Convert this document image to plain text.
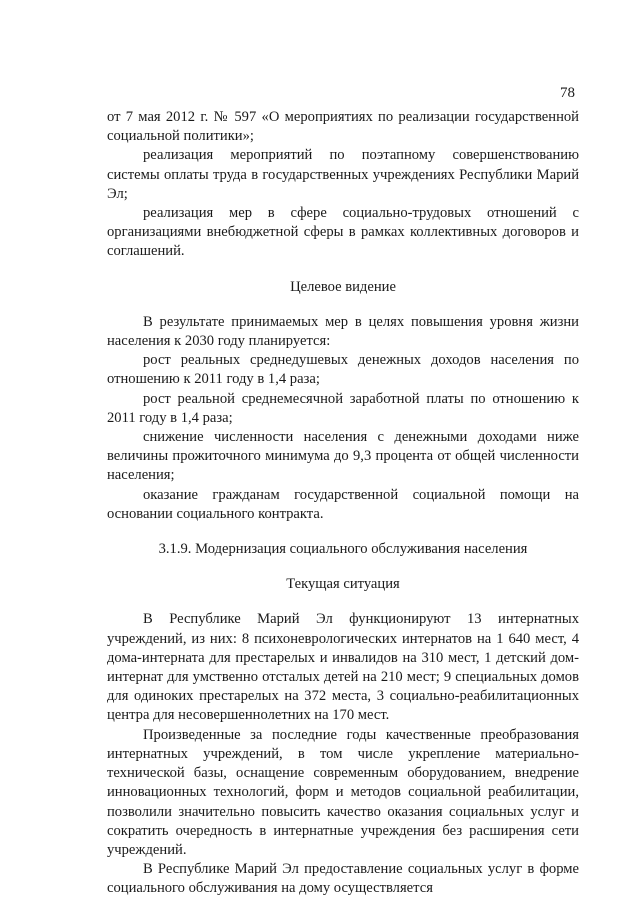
78

от 7 мая 2012 г. № 597 «О мероприятиях по реализации государственной социальной политики»;

реализация мероприятий по поэтапному совершенствованию системы оплаты труда в государственных учреждениях Республики Марий Эл;

реализация мер в сфере социально-трудовых отношений с организациями внебюджетной сферы в рамках коллективных договоров и соглашений.

Целевое видение

В результате принимаемых мер в целях повышения уровня жизни населения к 2030 году планируется:

рост реальных среднедушевых денежных доходов населения по отношению к 2011 году в 1,4 раза;

рост реальной среднемесячной заработной платы по отношению к 2011 году в 1,4 раза;

снижение численности населения с денежными доходами ниже величины прожиточного минимума до 9,3 процента от общей численности населения;

оказание гражданам государственной социальной помощи на основании социального контракта.

3.1.9. Модернизация социального обслуживания населения

Текущая ситуация

В Республике Марий Эл функционируют 13 интернатных учреждений, из них: 8 психоневрологических интернатов на 1 640 мест, 4 дома-интерната для престарелых и инвалидов на 310 мест, 1 детский дом-интернат для умственно отсталых детей на 210 мест; 9 специальных домов для одиноких престарелых на 372 места, 3 социально-реабилитационных центра для несовершеннолетних на 170 мест.

Произведенные за последние годы качественные преобразования интернатных учреждений, в том числе укрепление материально-технической базы, оснащение современным оборудованием, внедрение инновационных технологий, форм и методов социальной реабилитации, позволили значительно повысить качество оказания социальных услуг и сократить очередность в интернатные учреждения без расширения сети учреждений.

В Республике Марий Эл предоставление социальных услуг в форме социального обслуживания на дому осуществляется
